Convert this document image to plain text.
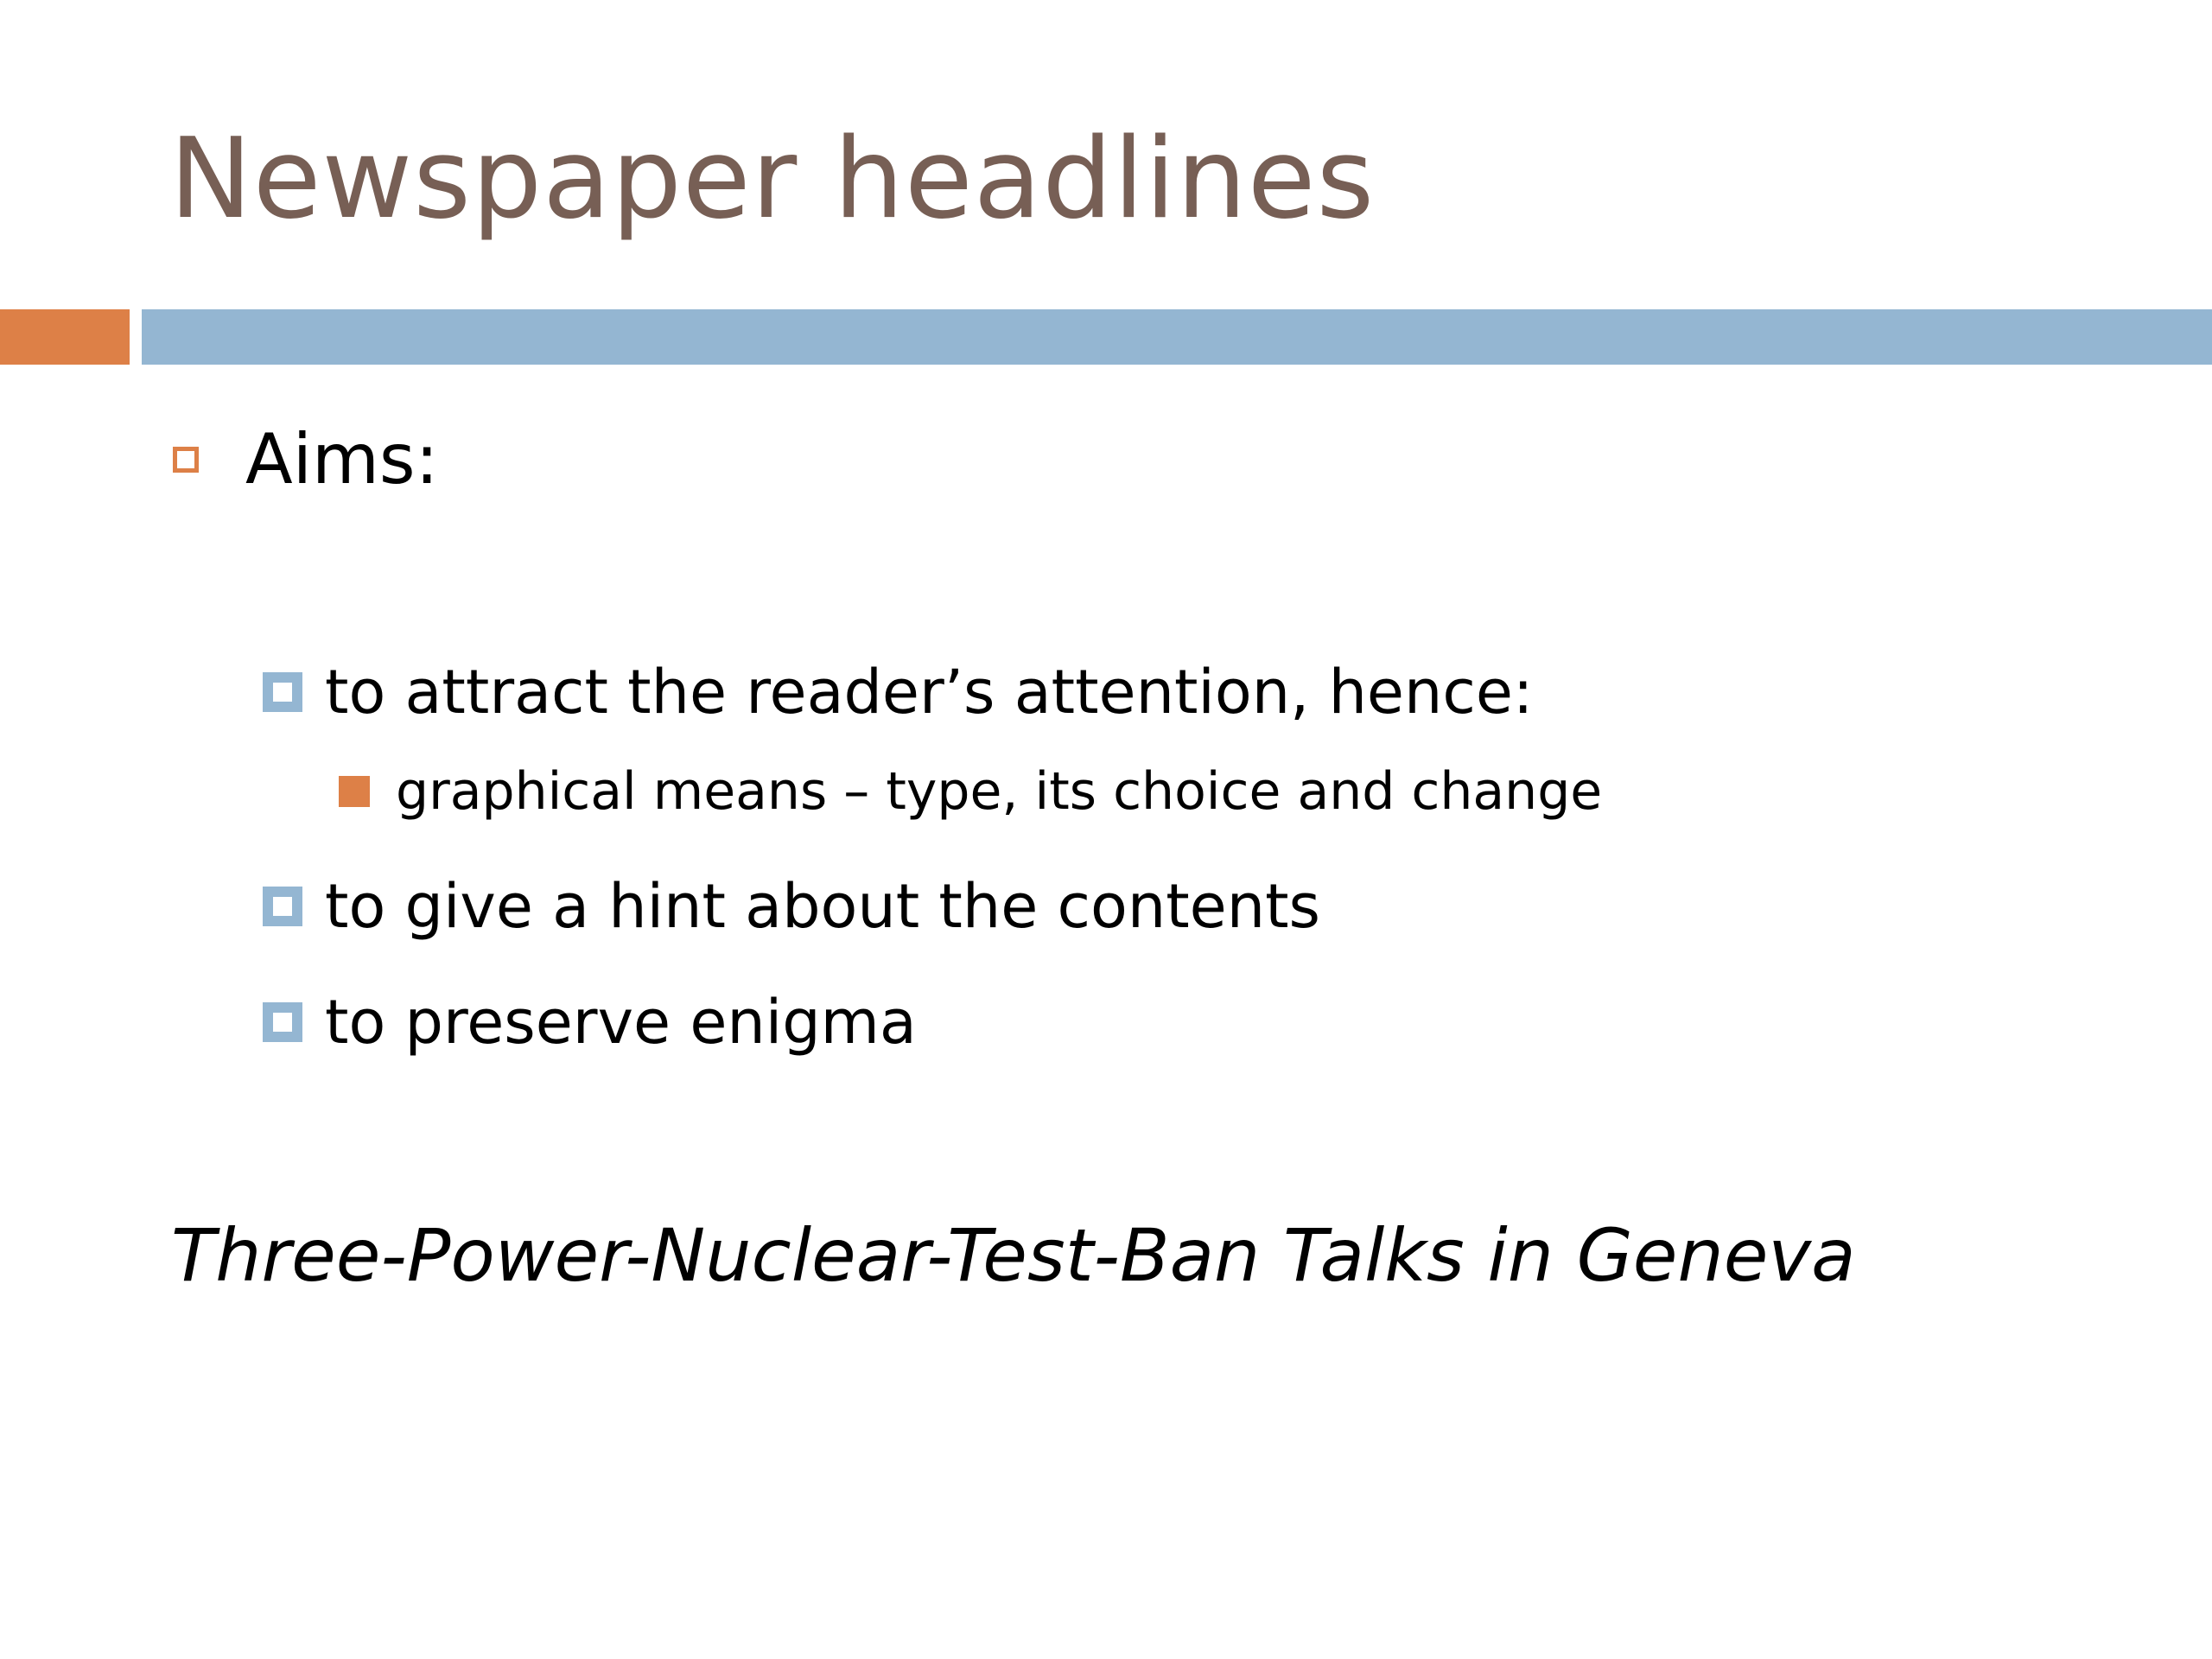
Newspaper headlines
Aims:
to attract the reader’s attention, hence:
graphical means – type, its choice and change
to give a hint about the contents
to preserve enigma
Three-Power-Nuclear-Test-Ban Talks in Geneva
